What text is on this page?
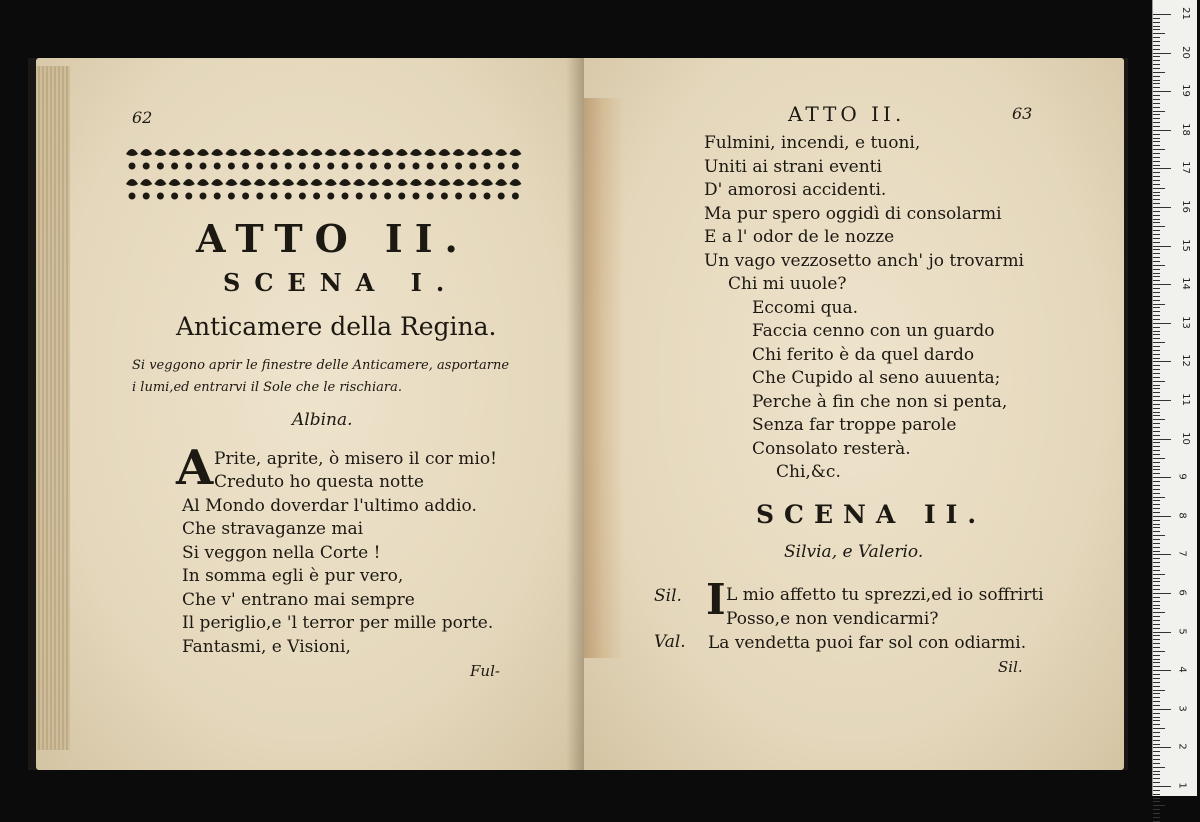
62
ATTO II.
SCENA I.
Anticamere della Regina.
Si veggono aprir le finestre delle Anticamere, asportarne
i lumi,ed entrarvi il Sole che le rischiara.
Albina.
A Prite, aprite, ò misero il cor mio!
Creduto ho questa notte
Al Mondo doverdar l'ultimo addio.
Che stravaganze mai
Si veggon nella Corte !
In somma egli è pur vero,
Che v' entrano mai sempre
Il periglio,e 'l terror per mille porte.
Fantasmi, e Visioni,
Ful-
ATTO II.	63
Fulmini, incendi, e tuoni,
Uniti ai strani eventi
D' amorosi accidenti.
Ma pur spero oggidì di consolarmi
E a l' odor de le nozze
Un vago vezzosetto anch' jo trovarmi
Chi mi uuole?
Eccomi qua.
Faccia cenno con un guardo
Chi ferito è da quel dardo
Che Cupido al seno auuenta;
Perche à fin che non si penta,
Senza far troppe parole
Consolato resterà.
Chi,&c.
SCENA II.
Silvia, e Valerio.
Sil. I L mio affetto tu sprezzi,ed io soffrirti
Posso,e non vendicarmi?
Val. La vendetta puoi far sol con odiarmi.
Sil.
21
20
19
18
17
16
15
14
13
12
11
10
9
8
7
6
5
4
3
2
1
